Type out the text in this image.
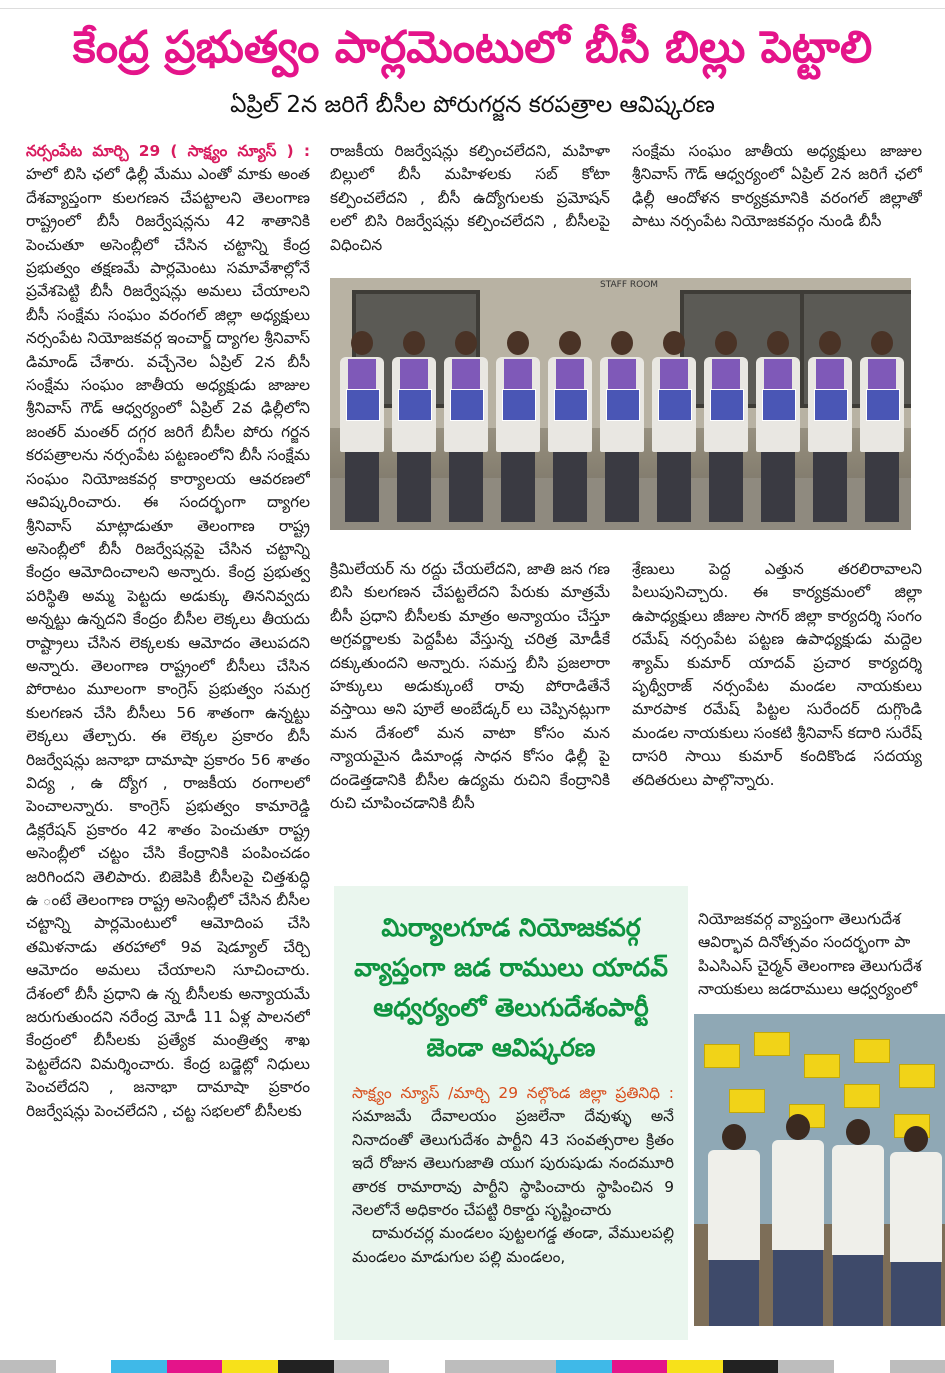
కేంద్ర ప్రభుత్వం పార్లమెంటులో బీసీ బిల్లు పెట్టాలి
ఏప్రిల్ 2న జరిగే బీసీల పోరుగర్జన కరపత్రాల ఆవిష్కరణ

నర్సంపేట మార్చి 29 ( సాక్ష్యం న్యూస్ ) : హలో బిసి ఛలో ఢిల్లీ మేము ఎంతో మాకు అంత దేశవ్యాప్తంగా కులగణన చేపట్టాలని తెలంగాణ రాష్ట్రంలో బీసీ రిజర్వేషన్లను 42 శాతానికి పెంచుతూ అసెంబ్లీలో చేసిన చట్టాన్ని కేంద్ర ప్రభుత్వం తక్షణమే పార్లమెంటు సమావేశాల్లోనే ప్రవేశపెట్టి బీసీ రిజర్వేషన్లు అమలు చేయాలని బీసీ సంక్షేమ సంఘం వరంగల్ జిల్లా అధ్యక్షులు నర్సంపేట నియోజకవర్గ ఇంచార్జ్ ద్యాగల శ్రీనివాస్ డిమాండ్ చేశారు. వచ్చేనెల ఏప్రిల్ 2న బీసీ సంక్షేమ సంఘం జాతీయ అధ్యక్షుడు జాజుల శ్రీనివాస్ గౌడ్ ఆధ్వర్యంలో ఏప్రిల్ 2వ ఢిల్లీలోని జంతర్ మంతర్ దగ్గర జరిగే బీసీల పోరు గర్జన కరపత్రాలను నర్సంపేట పట్టణంలోని బీసీ సంక్షేమ సంఘం నియోజకవర్గ కార్యాలయ ఆవరణలో ఆవిష్కరించారు. ఈ సందర్భంగా ద్యాగల శ్రీనివాస్ మాట్లాడుతూ తెలంగాణ రాష్ట్ర అసెంబ్లీలో బీసీ రిజర్వేషన్లపై చేసిన చట్టాన్ని కేంద్రం ఆమోదించాలని అన్నారు. కేంద్ర ప్రభుత్వ పరిస్థితి అమ్మ పెట్టదు అడుక్కు తిననివ్వదు అన్నట్టు ఉన్నదని కేంద్రం బీసీల లెక్కలు తీయదు రాష్ట్రాలు చేసిన లెక్కలకు ఆమోదం తెలుపదని అన్నారు. తెలంగాణ రాష్ట్రంలో బీసీలు చేసిన పోరాటం మూలంగా కాంగ్రెస్ ప్రభుత్వం సమగ్ర కులగణన చేసి బీసీలు 56 శాతంగా ఉన్నట్టు లెక్కలు తేల్చారు. ఈ లెక్కల ప్రకారం బీసీ రిజర్వేషన్లు జనాభా దామాషా ప్రకారం 56 శాతం విద్య , ఉ ద్యోగ , రాజకీయ రంగాలలో పెంచాలన్నారు. కాంగ్రెస్ ప్రభుత్వం కామారెడ్డి డిక్లరేషన్ ప్రకారం 42 శాతం పెంచుతూ రాష్ట్ర అసెంబ్లీలో చట్టం చేసి కేంద్రానికి పంపించడం జరిగిందని తెలిపారు. బిజెపికి బీసీలపై చిత్తశుద్ధి ఉ ంటే తెలంగాణ రాష్ట్ర అసెంబ్లీలో చేసిన బీసీల చట్టాన్ని పార్లమెంటులో ఆమోదింప చేసి తమిళనాడు తరహాలో 9వ షెడ్యూల్ చేర్చి ఆమోదం అమలు చేయాలని సూచించారు. దేశంలో బీసీ ప్రధాని ఉ న్న బీసీలకు అన్యాయమే జరుగుతుందని నరేంద్ర మోడీ 11 ఏళ్ల పాలనలో కేంద్రంలో బీసీలకు ప్రత్యేక మంత్రిత్వ శాఖ పెట్టలేదని విమర్శించారు. కేంద్ర బడ్జెట్లో నిధులు పెంచలేదని , జనాభా దామాషా ప్రకారం రిజర్వేషన్లు పెంచలేదని , చట్ట సభలలో బీసీలకు

రాజకీయ రిజర్వేషన్లు కల్పించలేదని, మహిళా బిల్లులో బీసీ మహిళలకు సబ్ కోటా కల్పించలేదని , బీసీ ఉద్యోగులకు ప్రమోషన్ లలో బిసి రిజర్వేషన్లు కల్పించలేదని , బీసీలపై విధించిన

సంక్షేమ సంఘం జాతీయ అధ్యక్షులు జాజుల శ్రీనివాస్ గౌడ్ ఆధ్వర్యంలో ఏప్రిల్ 2న జరిగే ఛలో ఢిల్లీ ఆందోళన కార్యక్రమానికి వరంగల్ జిల్లాతో పాటు నర్సంపేట నియోజకవర్గం నుండి బీసీ

STAFF ROOM

క్రిమిలేయర్ ను రద్దు చేయలేదని, జాతి జన గణ బిసి కులగణన చేపట్టలేదని పేరుకు మాత్రమే బీసీ ప్రధాని బీసీలకు మాత్రం అన్యాయం చేస్తూ అగ్రవర్ణాలకు పెద్దపీట వేస్తున్న చరిత్ర మోడీకే దక్కుతుందని అన్నారు. సమస్త బీసి ప్రజలారా హక్కులు అడుక్కుంటే రావు పోరాడితేనే వస్తాయి అని పూలే అంబేడ్కర్ లు చెప్పినట్లుగా మన దేశంలో మన వాటా కోసం మన న్యాయమైన డిమాండ్ల సాధన కోసం ఢిల్లీ పై దండెత్తడానికి బీసీల ఉద్యమ రుచిని కేంద్రానికి రుచి చూపించడానికి బీసీ

శ్రేణులు పెద్ద ఎత్తున తరలిరావాలని పిలుపునిచ్చారు. ఈ కార్యక్రమంలో జిల్లా ఉపాధ్యక్షులు జీజుల సాగర్ జిల్లా కార్యదర్శి సంగం రమేష్ నర్సంపేట పట్టణ ఉపాధ్యక్షుడు మద్దెల శ్యామ్ కుమార్ యాదవ్ ప్రచార కార్యదర్శి పృథ్వీరాజ్ నర్సంపేట మండల నాయకులు మారపాక రమేష్ పిట్టల సురేందర్ దుగ్గొండి మండల నాయకులు సంకటి శ్రీనివాస్ కదారి సురేష్ దాసరి సాయి కుమార్ కందికొండ సదయ్య తదితరులు పాల్గొన్నారు.

మిర్యాలగూడ నియోజకవర్గ
వ్యాప్తంగా జడ రాములు యాదవ్
ఆధ్వర్యంలో తెలుగుదేశంపార్టీ
జెండా ఆవిష్కరణ

సాక్ష్యం న్యూస్ /మార్చి 29 నల్గొండ జిల్లా ప్రతినిధి : సమాజమే దేవాలయం ప్రజలేనా దేవుళ్ళు అనే నినాదంతో తెలుగుదేశం పార్టీని 43 సంవత్సరాల క్రితం ఇదే రోజున తెలుగుజాతి యుగ పురుషుడు నందమూరి తారక రామారావు పార్టీని స్థాపించారు స్థాపించిన 9 నెలలోనే అధికారం చేపట్టి రికార్డు సృష్టించారు

దామరచర్ల మండలం పుట్టలగడ్డ తండా, వేములపల్లి మండలం మాడుగుల పల్లి మండలం,

నియోజకవర్గ వ్యాప్తంగా తెలుగుదేశ
ఆవిర్భావ దినోత్సవం సందర్భంగా పా
పిఎసిఎస్ చైర్మన్ తెలంగాణ తెలుగుదేశ
నాయకులు జడరాములు ఆధ్వర్యంలో
